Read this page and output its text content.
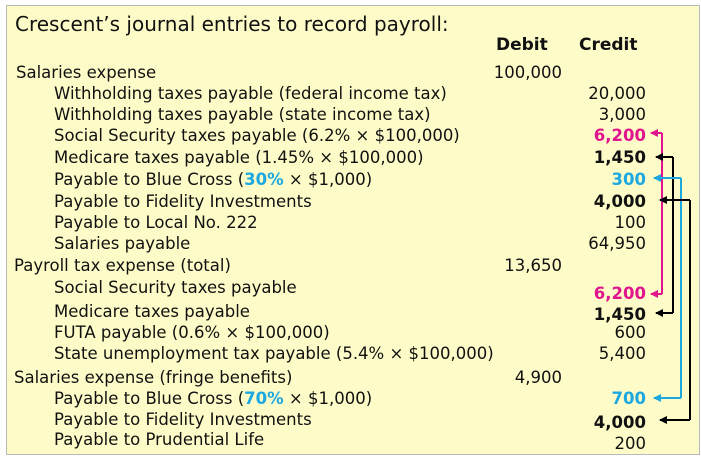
Crescent’s journal entries to record payroll:
Debit Credit
Salaries expense
Withholding taxes payable (federal income tax)
Withholding taxes payable (state income tax)
Social Security taxes payable (6.2% × $100,000)
Medicare taxes payable (1.45% × $100,000)
Payable to Blue Cross (30% × $1,000)
Payable to Fidelity Investments
Payable to Local No. 222
Salaries payable
Payroll tax expense (total)
Social Security taxes payable
Medicare taxes payable
FUTA payable (0.6% × $100,000)
State unemployment tax payable (5.4% × $100,000)
Salaries expense (fringe benefits)
Payable to Blue Cross (70% × $1,000)
Payable to Fidelity Investments
Payable to Prudential Life
100,000
13,650
4,900
20,000
3,000
6,200
1,450
300
4,000
100
64,950
6,200
1,450
600
5,400
700
4,000
200
